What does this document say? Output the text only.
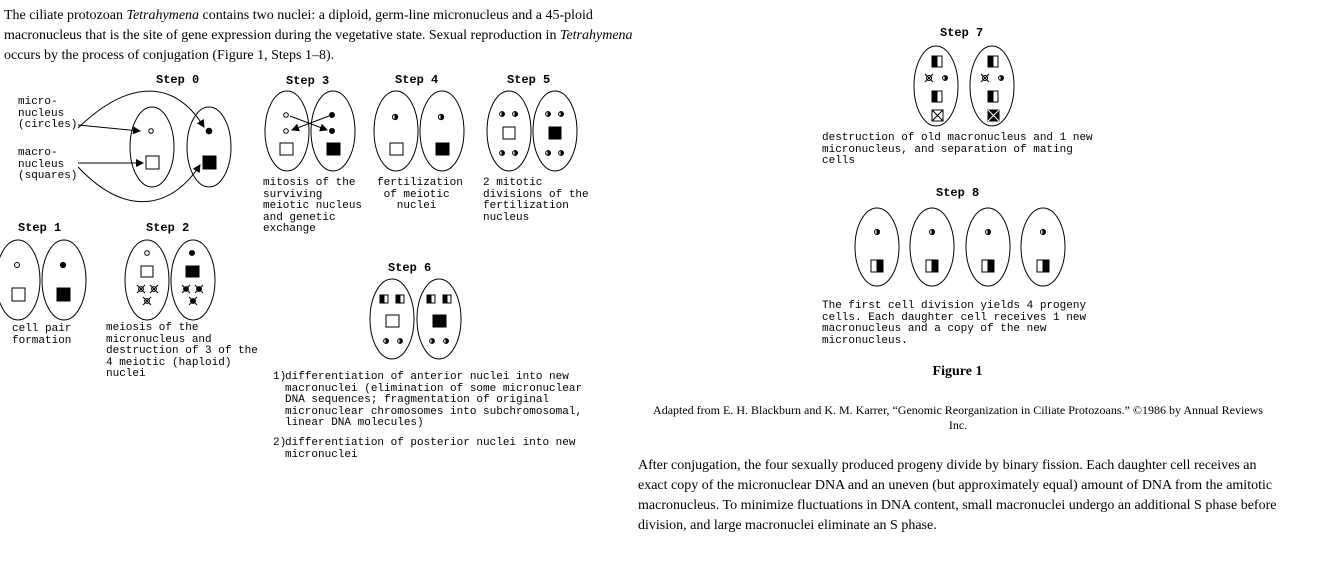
The ciliate protozoan Tetrahymena contains two nuclei: a diploid, germ-line micronucleus and a 45-ploid macronucleus that is the site of gene expression during the vegetative state. Sexual reproduction in Tetrahymena occurs by the process of conjugation (Figure 1, Steps 1–8).
Step 0
Step 1	Step 2
Step 3	Step 4	Step 5
Step 6
Step 7
Step 8
micro-
nucleus
(circles)
macro-
nucleus
(squares)
cell pair
formation
meiosis of the
micronucleus and
destruction of 3 of the
4 meiotic (haploid)
nuclei
mitosis of the
surviving
meiotic nucleus
and genetic
exchange
fertilization
of meiotic
nuclei
2 mitotic
divisions of the
fertilization
nucleus
1)differentiation of anterior nuclei into new
macronuclei (elimination of some micronuclear
DNA sequences; fragmentation of original
micronuclear chromosomes into subchromosomal,
linear DNA molecules)
2)differentiation of posterior nuclei into new
micronuclei
destruction of old macronucleus and 1 new
micronucleus, and separation of mating
cells
The first cell division yields 4 progeny
cells. Each daughter cell receives 1 new
macronucleus and a copy of the new
micronucleus.
Figure 1
Adapted from E. H. Blackburn and K. M. Karrer, “Genomic Reorganization in Ciliate Protozoans.” ©1986 by Annual Reviews Inc.
After conjugation, the four sexually produced progeny divide by binary fission. Each daughter cell receives an exact copy of the micronuclear DNA and an uneven (but approximately equal) amount of DNA from the amitotic macronucleus. To minimize fluctuations in DNA content, small macronuclei undergo an additional S phase before division, and large macronuclei eliminate an S phase.
